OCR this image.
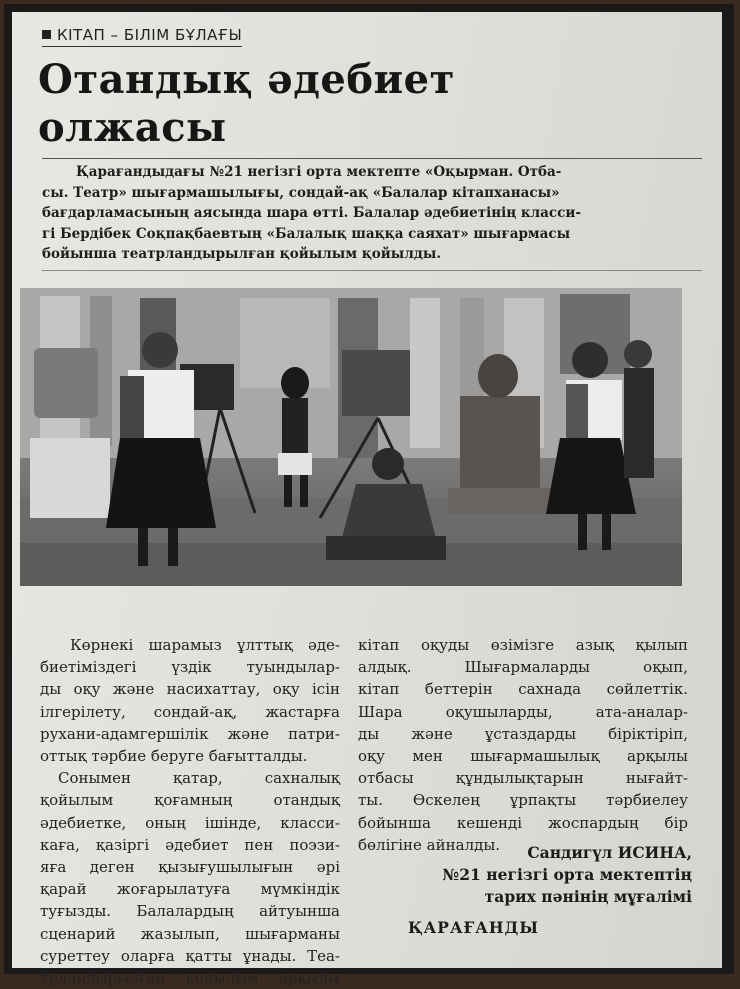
КІТАП – БІЛІМ БҰЛАҒЫ
Отандық әдебиет
олжасы
Қарағандыдағы №21 негізгі орта мектепте «Оқырман. Отба-
сы. Театр» шығармашылығы, сондай-ақ «Балалар кітапханасы»
бағдарламасының аясында шара өтті. Балалар әдебиетінің класси-
гі Бердібек Соқпақбаевтың «Балалық шаққа саяхат» шығармасы
бойынша театрландырылған қойылым қойылды.
Көрнекі шарамыз ұлттық әде-
биетіміздегі үздік туындылар-
ды оқу және насихаттау, оқу ісін
ілгерілету, сондай-ақ, жастарға
рухани-адамгершілік және патри-
оттық тәрбие беруге бағытталды.
Сонымен қатар, сахналық
қойылым қоғамның отандық
әдебиетке, оның ішінде, класси-
каға, қазіргі әдебиет пен поэзи-
яға деген қызығушылығын әрі
қарай жоғарылатуға мүмкіндік
туғызды. Балалардың айтуынша
сценарий жазылып, шығарманы
суреттеу оларға қатты ұнады. Теа-
трландырылған қойылым арқылы
кітап оқуды өзімізге азық қылып
алдық. Шығармаларды оқып,
кітап беттерін сахнада сөйлеттік.
Шара оқушыларды, ата-аналар-
ды және ұстаздарды біріктіріп,
оқу мен шығармашылық арқылы
отбасы құндылықтарын нығайт-
ты. Өскелең ұрпақты тәрбиелеу
бойынша кешенді жоспардың бір
бөлігіне айналды.	Сандигүл ИСИНА,
№21 негізгі орта мектептің
тарих пәнінің мұғалімі
ҚАРАҒАНДЫ
